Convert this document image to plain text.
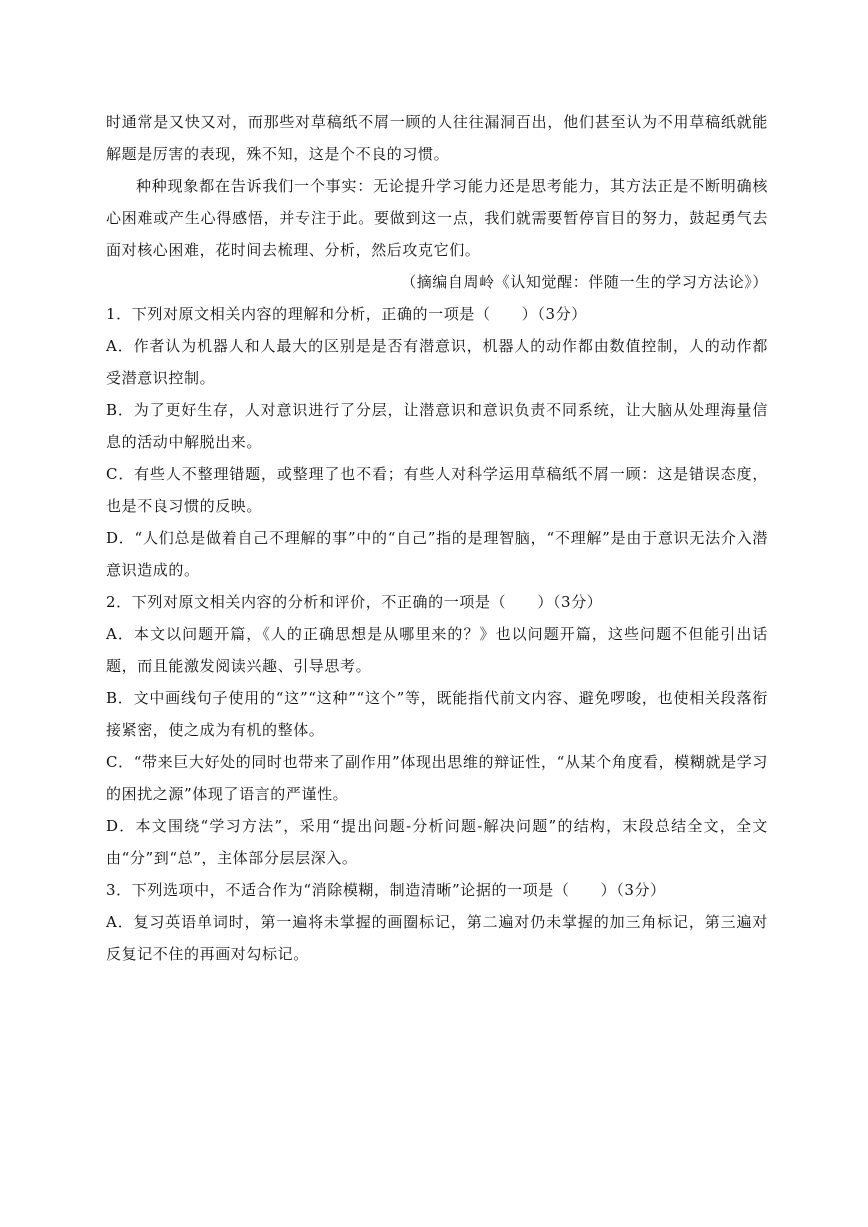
时通常是又快又对，而那些对草稿纸不屑一顾的人往往漏洞百出，他们甚至认为不用草稿纸就能解题是厉害的表现，殊不知，这是个不良的习惯。

种种现象都在告诉我们一个事实：无论提升学习能力还是思考能力，其方法正是不断明确核心困难或产生心得感悟，并专注于此。要做到这一点，我们就需要暂停盲目的努力，鼓起勇气去面对核心困难，花时间去梳理、分析，然后攻克它们。

（摘编自周岭《认知觉醒：伴随一生的学习方法论》）

1．下列对原文相关内容的理解和分析，正确的一项是（　　）（3分）

A．作者认为机器人和人最大的区别是是否有潜意识，机器人的动作都由数值控制，人的动作都受潜意识控制。

B．为了更好生存，人对意识进行了分层，让潜意识和意识负责不同系统，让大脑从处理海量信息的活动中解脱出来。

C．有些人不整理错题，或整理了也不看；有些人对科学运用草稿纸不屑一顾：这是错误态度，也是不良习惯的反映。

D．“人们总是做着自己不理解的事”中的“自己”指的是理智脑，“不理解”是由于意识无法介入潜意识造成的。

2．下列对原文相关内容的分析和评价，不正确的一项是（　　）（3分）

A．本文以问题开篇，《人的正确思想是从哪里来的？》也以问题开篇，这些问题不但能引出话题，而且能激发阅读兴趣、引导思考。

B．文中画线句子使用的“这”“这种”“这个”等，既能指代前文内容、避免啰唆，也使相关段落衔接紧密，使之成为有机的整体。

C．“带来巨大好处的同时也带来了副作用”体现出思维的辩证性，“从某个角度看，模糊就是学习的困扰之源”体现了语言的严谨性。

D．本文围绕“学习方法”，采用“提出问题-分析问题-解决问题”的结构，末段总结全文，全文由“分”到“总”，主体部分层层深入。

3．下列选项中，不适合作为“消除模糊，制造清晰”论据的一项是（　　）（3分）

A．复习英语单词时，第一遍将未掌握的画圈标记，第二遍对仍未掌握的加三角标记，第三遍对反复记不住的再画对勾标记。
